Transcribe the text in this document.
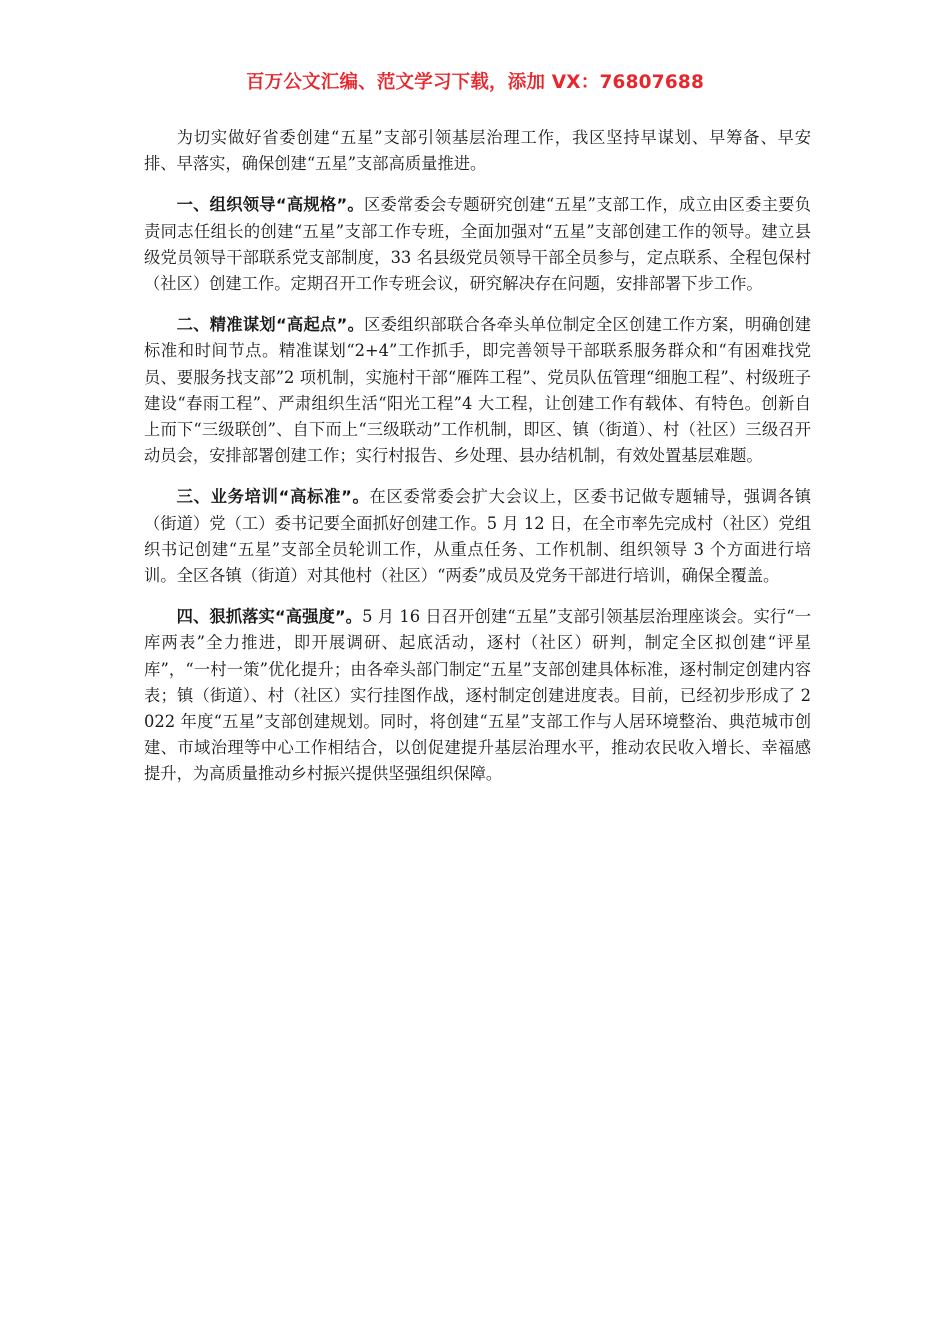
百万公文汇编、范文学习下载，添加 VX：76807688

为切实做好省委创建“五星”支部引领基层治理工作，我区坚持早谋划、早筹备、早安排、早落实，确保创建“五星”支部高质量推进。

一、组织领导“高规格”。区委常委会专题研究创建“五星”支部工作，成立由区委主要负责同志任组长的创建“五星”支部工作专班，全面加强对“五星”支部创建工作的领导。建立县级党员领导干部联系党支部制度，33 名县级党员领导干部全员参与，定点联系、全程包保村（社区）创建工作。定期召开工作专班会议，研究解决存在问题，安排部署下步工作。

二、精准谋划“高起点”。区委组织部联合各牵头单位制定全区创建工作方案，明确创建标准和时间节点。精准谋划“2+4”工作抓手，即完善领导干部联系服务群众和“有困难找党员、要服务找支部”2 项机制，实施村干部“雁阵工程”、党员队伍管理“细胞工程”、村级班子建设“春雨工程”、严肃组织生活“阳光工程”4 大工程，让创建工作有载体、有特色。创新自上而下“三级联创”、自下而上“三级联动”工作机制，即区、镇（街道）、村（社区）三级召开动员会，安排部署创建工作；实行村报告、乡处理、县办结机制，有效处置基层难题。

三、业务培训“高标准”。在区委常委会扩大会议上，区委书记做专题辅导，强调各镇（街道）党（工）委书记要全面抓好创建工作。5 月 12 日，在全市率先完成村（社区）党组织书记创建“五星”支部全员轮训工作，从重点任务、工作机制、组织领导 3 个方面进行培训。全区各镇（街道）对其他村（社区）“两委”成员及党务干部进行培训，确保全覆盖。

四、狠抓落实“高强度”。5 月 16 日召开创建“五星”支部引领基层治理座谈会。实行“一库两表”全力推进，即开展调研、起底活动，逐村（社区）研判，制定全区拟创建“评星库”，“一村一策”优化提升；由各牵头部门制定“五星”支部创建具体标准，逐村制定创建内容表；镇（街道）、村（社区）实行挂图作战，逐村制定创建进度表。目前，已经初步形成了 2022 年度“五星”支部创建规划。同时，将创建“五星”支部工作与人居环境整治、典范城市创建、市域治理等中心工作相结合，以创促建提升基层治理水平，推动农民收入增长、幸福感提升，为高质量推动乡村振兴提供坚强组织保障。
